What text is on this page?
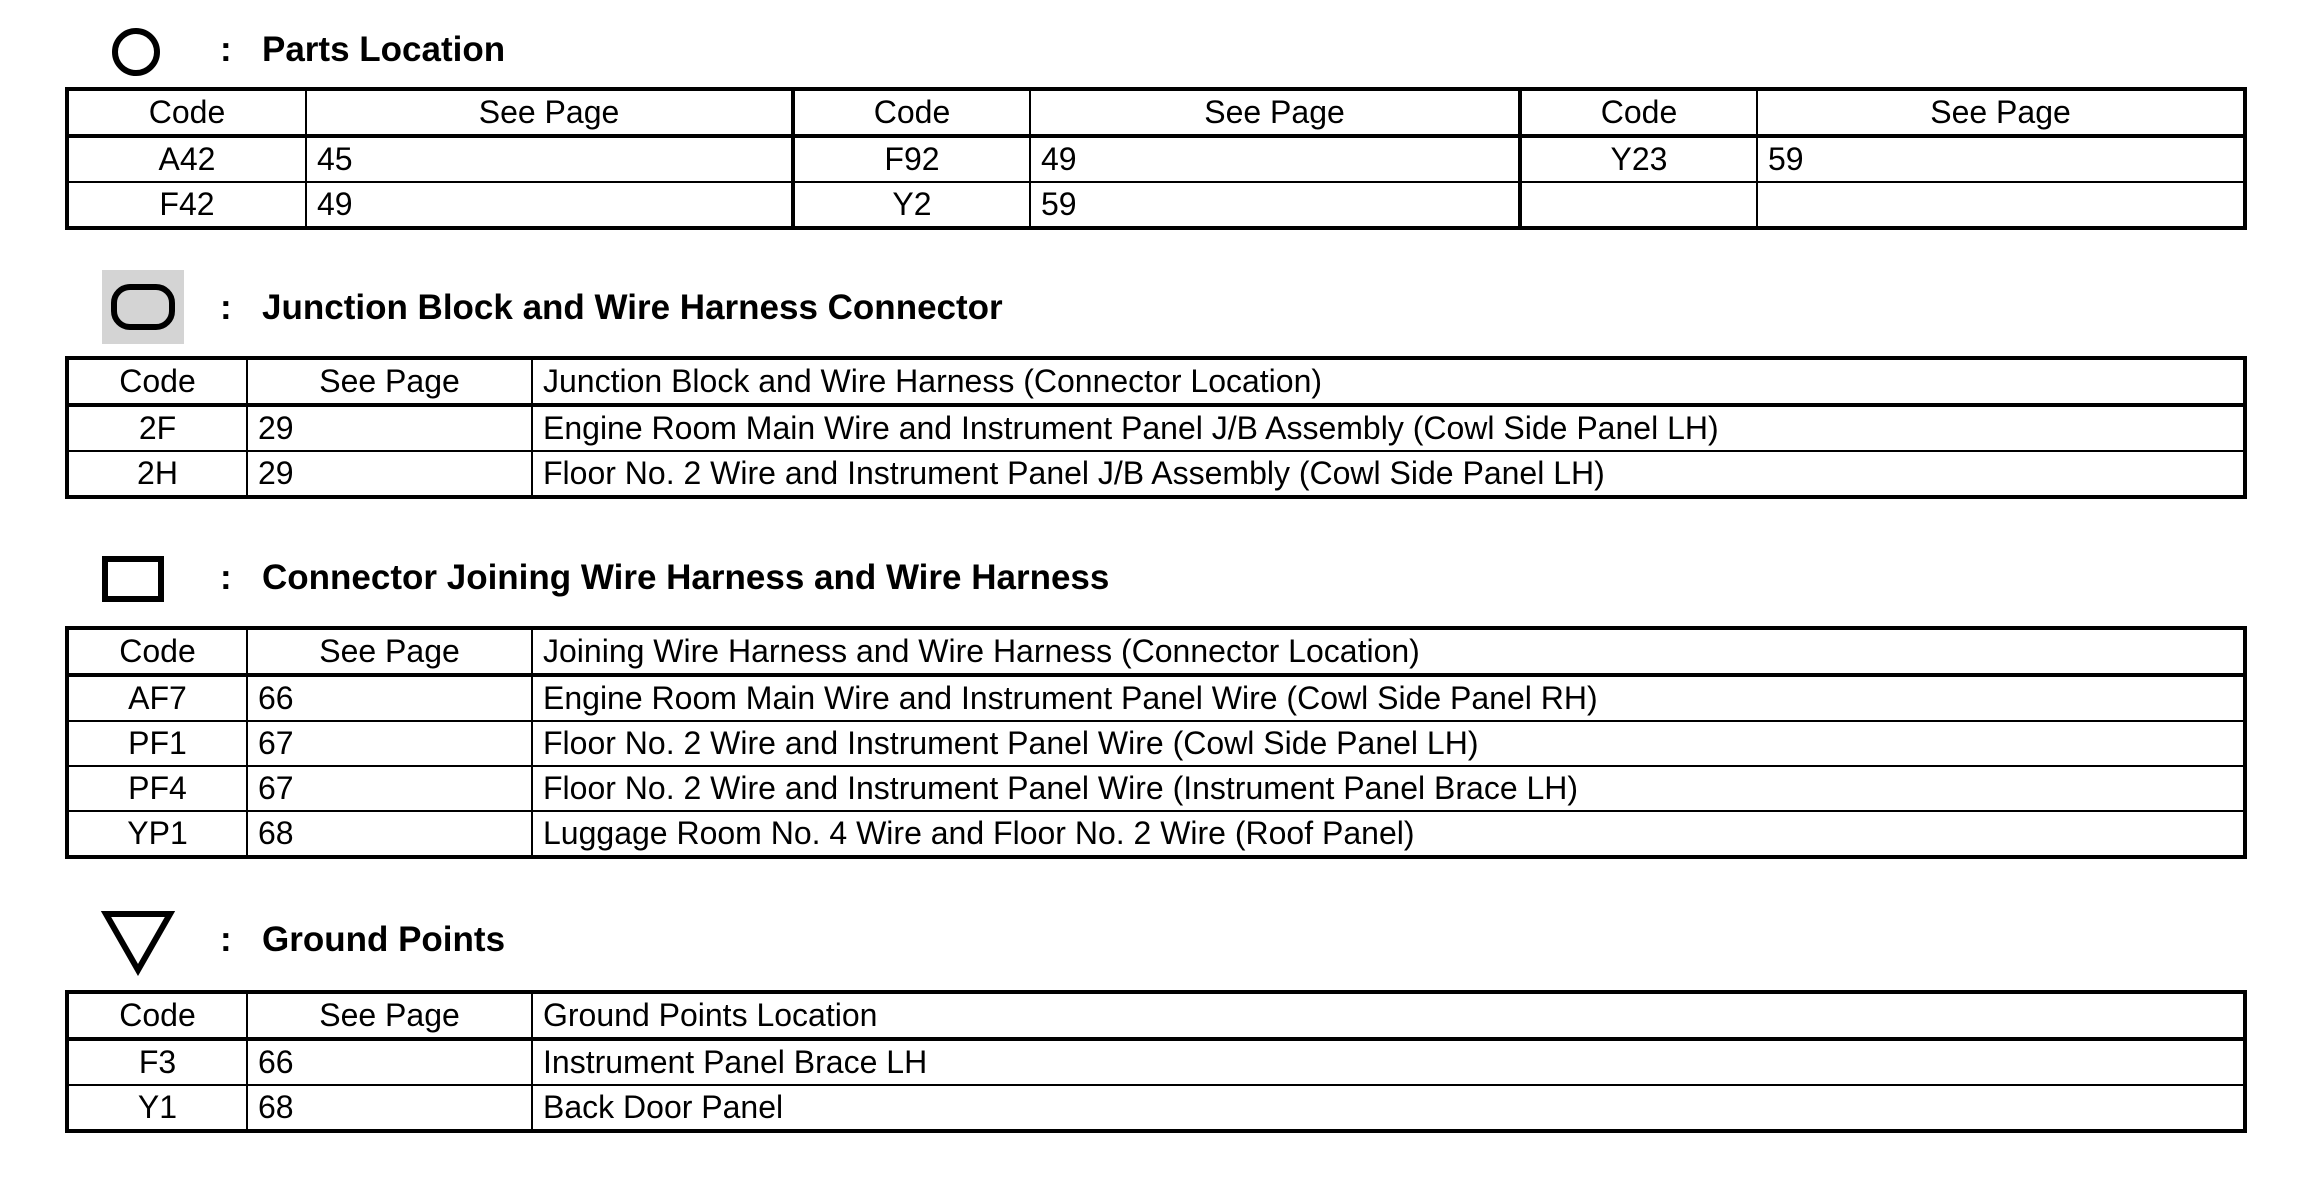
: Parts Location
Code	See Page	Code	See Page	Code	See Page
A42	45	F92	49	Y23	59
F42	49	Y2	59		
: Junction Block and Wire Harness Connector
Code	See Page	Junction Block and Wire Harness (Connector Location)
2F	29	Engine Room Main Wire and Instrument Panel J/B Assembly (Cowl Side Panel LH)
2H	29	Floor No. 2 Wire and Instrument Panel J/B Assembly (Cowl Side Panel LH)
: Connector Joining Wire Harness and Wire Harness
Code	See Page	Joining Wire Harness and Wire Harness (Connector Location)
AF7	66	Engine Room Main Wire and Instrument Panel Wire (Cowl Side Panel RH)
PF1	67	Floor No. 2 Wire and Instrument Panel Wire (Cowl Side Panel LH)
PF4	67	Floor No. 2 Wire and Instrument Panel Wire (Instrument Panel Brace LH)
YP1	68	Luggage Room No. 4 Wire and Floor No. 2 Wire (Roof Panel)
: Ground Points
Code	See Page	Ground Points Location
F3	66	Instrument Panel Brace LH
Y1	68	Back Door Panel
